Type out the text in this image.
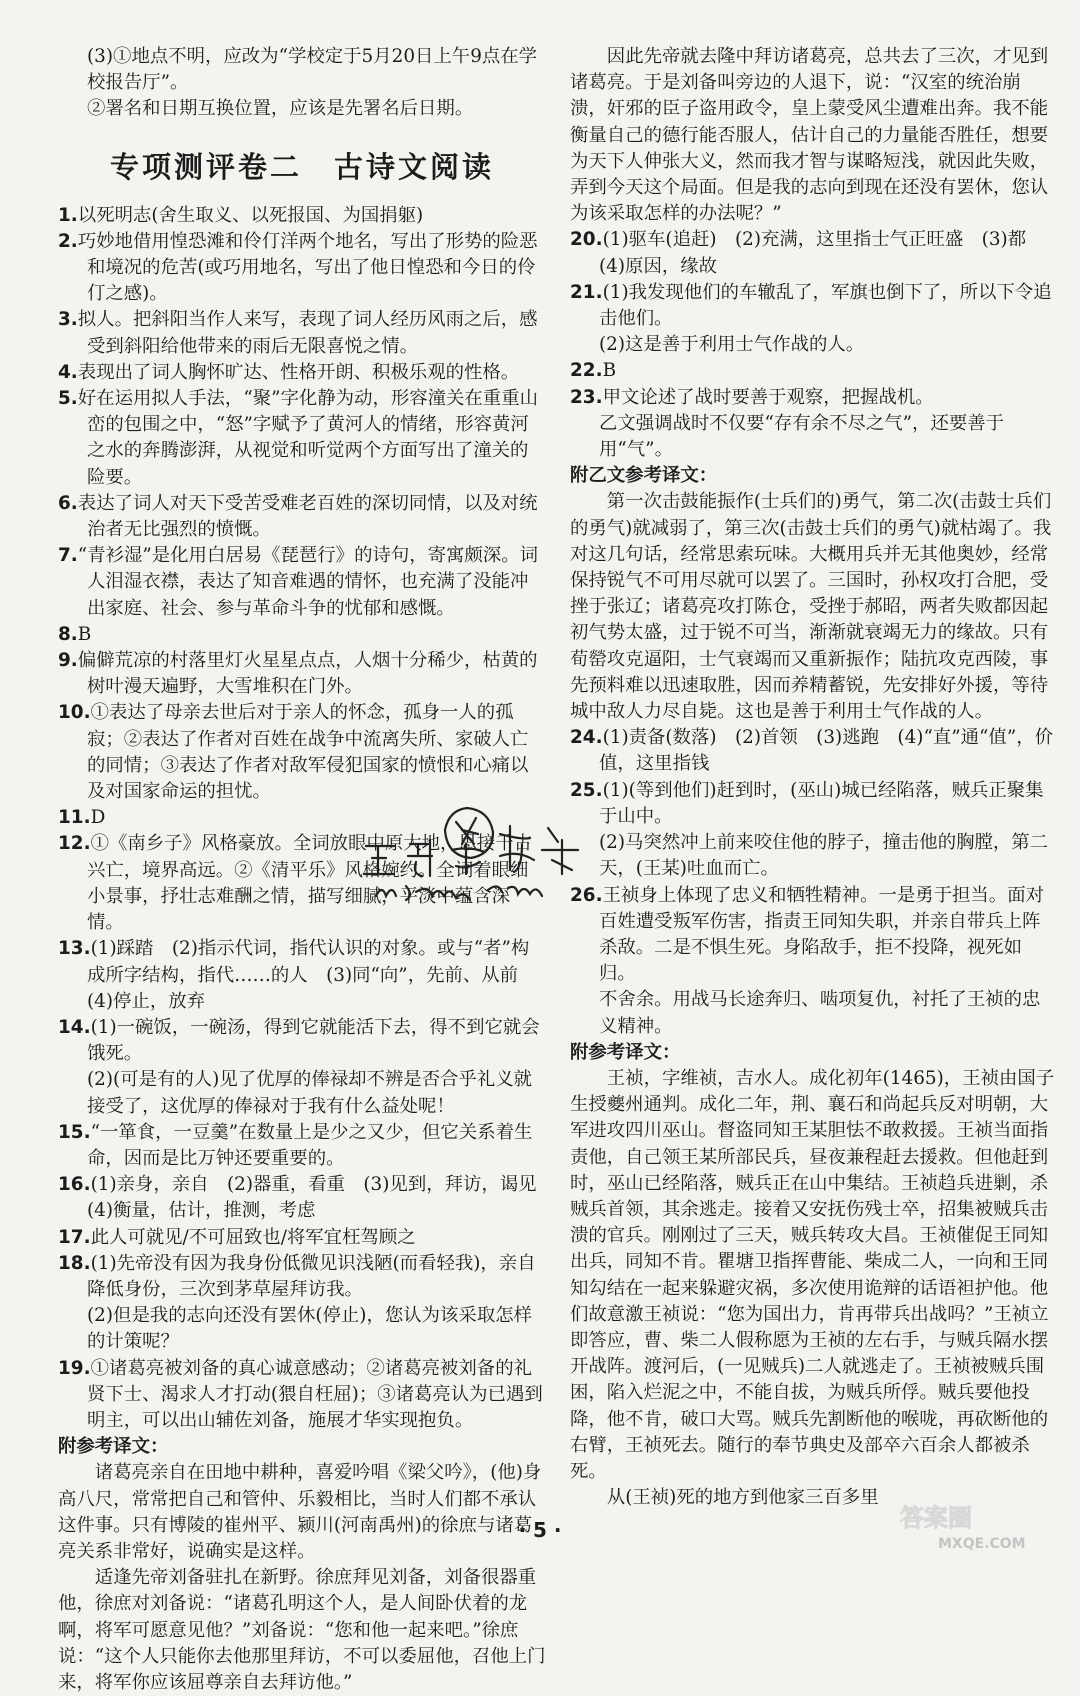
(3)①地点不明，应改为“学校定于5月20日上午9点在学校报告厅”。

②署名和日期互换位置，应该是先署名后日期。

专项测评卷二　古诗文阅读

1.以死明志(舍生取义、以死报国、为国捐躯)

2.巧妙地借用惶恐滩和伶仃洋两个地名，写出了形势的险恶和境况的危苦(或巧用地名，写出了他日惶恐和今日的伶仃之感)。

3.拟人。把斜阳当作人来写，表现了词人经历风雨之后，感受到斜阳给他带来的雨后无限喜悦之情。

4.表现出了词人胸怀旷达、性格开朗、积极乐观的性格。

5.好在运用拟人手法，“聚”字化静为动，形容潼关在重重山峦的包围之中，“怒”字赋予了黄河人的情绪，形容黄河之水的奔腾澎湃，从视觉和听觉两个方面写出了潼关的险要。

6.表达了词人对天下受苦受难老百姓的深切同情，以及对统治者无比强烈的愤慨。

7.“青衫湿”是化用白居易《琵琶行》的诗句，寄寓颇深。词人泪湿衣襟，表达了知音难遇的情怀，也充满了没能冲出家庭、社会、参与革命斗争的忧郁和感慨。

8.B

9.偏僻荒凉的村落里灯火星星点点，人烟十分稀少，枯黄的树叶漫天遍野，大雪堆积在门外。

10.①表达了母亲去世后对于亲人的怀念，孤身一人的孤寂；②表达了作者对百姓在战争中流离失所、家破人亡的同情；③表达了作者对敌军侵犯国家的愤恨和心痛以及对国家命运的担忧。

11.D

12.①《南乡子》风格豪放。全词放眼中原大地，思接千古兴亡，境界高远。②《清平乐》风格婉约。全词着眼细小景事，抒壮志难酬之情，描写细腻，平淡中蕴含深情。

13.(1)踩踏　(2)指示代词，指代认识的对象。或与“者”构成所字结构，指代……的人　(3)同“向”，先前、从前　(4)停止，放弃

14.(1)一碗饭，一碗汤，得到它就能活下去，得不到它就会饿死。

(2)(可是有的人)见了优厚的俸禄却不辨是否合乎礼义就接受了，这优厚的俸禄对于我有什么益处呢！

15.“一箪食，一豆羹”在数量上是少之又少，但它关系着生命，因而是比万钟还要重要的。

16.(1)亲身，亲自　(2)器重，看重　(3)见到，拜访，谒见　(4)衡量，估计，推测，考虑

17.此人可就见/不可屈致也/将军宜枉驾顾之

18.(1)先帝没有因为我身份低微见识浅陋(而看轻我)，亲自降低身份，三次到茅草屋拜访我。

(2)但是我的志向还没有罢休(停止)，您认为该采取怎样的计策呢？

19.①诸葛亮被刘备的真心诚意感动；②诸葛亮被刘备的礼贤下士、渴求人才打动(猥自枉屈)；③诸葛亮认为已遇到明主，可以出山辅佐刘备，施展才华实现抱负。

附参考译文：

诸葛亮亲自在田地中耕种，喜爱吟唱《梁父吟》，(他)身高八尺，常常把自己和管仲、乐毅相比，当时人们都不承认这件事。只有博陵的崔州平、颍川(河南禹州)的徐庶与诸葛亮关系非常好，说确实是这样。

适逢先帝刘备驻扎在新野。徐庶拜见刘备，刘备很器重他，徐庶对刘备说：“诸葛孔明这个人，是人间卧伏着的龙啊，将军可愿意见他？”刘备说：“您和他一起来吧。”徐庶说：“这个人只能你去他那里拜访，不可以委屈他，召他上门来，将军你应该屈尊亲自去拜访他。”

因此先帝就去隆中拜访诸葛亮，总共去了三次，才见到诸葛亮。于是刘备叫旁边的人退下，说：“汉室的统治崩溃，奸邪的臣子盗用政令，皇上蒙受风尘遭难出奔。我不能衡量自己的德行能否服人，估计自己的力量能否胜任，想要为天下人伸张大义，然而我才智与谋略短浅，就因此失败，弄到今天这个局面。但是我的志向到现在还没有罢休，您认为该采取怎样的办法呢？”

20.(1)驱车(追赶)　(2)充满，这里指士气正旺盛　(3)都　(4)原因，缘故

21.(1)我发现他们的车辙乱了，军旗也倒下了，所以下令追击他们。

(2)这是善于利用士气作战的人。

22.B

23.甲文论述了战时要善于观察，把握战机。

乙文强调战时不仅要“存有余不尽之气”，还要善于用“气”。

附乙文参考译文：

第一次击鼓能振作(士兵们的)勇气，第二次(击鼓士兵们的勇气)就减弱了，第三次(击鼓士兵们的勇气)就枯竭了。我对这几句话，经常思索玩味。大概用兵并无其他奥妙，经常保持锐气不可用尽就可以罢了。三国时，孙权攻打合肥，受挫于张辽；诸葛亮攻打陈仓，受挫于郝昭，两者失败都因起初气势太盛，过于锐不可当，渐渐就衰竭无力的缘故。只有荀罃攻克逼阳，士气衰竭而又重新振作；陆抗攻克西陵，事先预料难以迅速取胜，因而养精蓄锐，先安排好外援，等待城中敌人力尽自毙。这也是善于利用士气作战的人。

24.(1)责备(数落)　(2)首领　(3)逃跑　(4)“直”通“值”，价值，这里指钱

25.(1)(等到他们)赶到时，(巫山)城已经陷落，贼兵正聚集于山中。

(2)马突然冲上前来咬住他的脖子，撞击他的胸膛，第二天，(王某)吐血而亡。

26.王祯身上体现了忠义和牺牲精神。一是勇于担当。面对百姓遭受叛军伤害，指责王同知失职，并亲自带兵上阵杀敌。二是不惧生死。身陷敌手，拒不投降，视死如归。

不舍余。用战马长途奔归、啮项复仇，衬托了王祯的忠义精神。

附参考译文：

王祯，字维祯，吉水人。成化初年(1465)，王祯由国子生授夔州通判。成化二年，荆、襄石和尚起兵反对明朝，大军进攻四川巫山。督盗同知王某胆怯不敢救援。王祯当面指责他，自己领王某所部民兵，昼夜兼程赶去援救。但他赶到时，巫山已经陷落，贼兵正在山中集结。王祯趋兵进剿，杀贼兵首领，其余逃走。接着又安抚伤残士卒，招集被贼兵击溃的官兵。刚刚过了三天，贼兵转攻大昌。王祯催促王同知出兵，同知不肯。瞿塘卫指挥曹能、柴成二人，一向和王同知勾结在一起来躲避灾祸，多次使用诡辩的话语袒护他。他们故意激王祯说：“您为国出力，肯再带兵出战吗？”王祯立即答应，曹、柴二人假称愿为王祯的左右手，与贼兵隔水摆开战阵。渡河后，(一见贼兵)二人就逃走了。王祯被贼兵围困，陷入烂泥之中，不能自拔，为贼兵所俘。贼兵要他投降，他不肯，破口大骂。贼兵先割断他的喉咙，再砍断他的右臂，王祯死去。随行的奉节典史及部卒六百余人都被杀死。

从(王祯)死的地方到他家三百多里

答案圈
MXQE.COM
· 5 ·
